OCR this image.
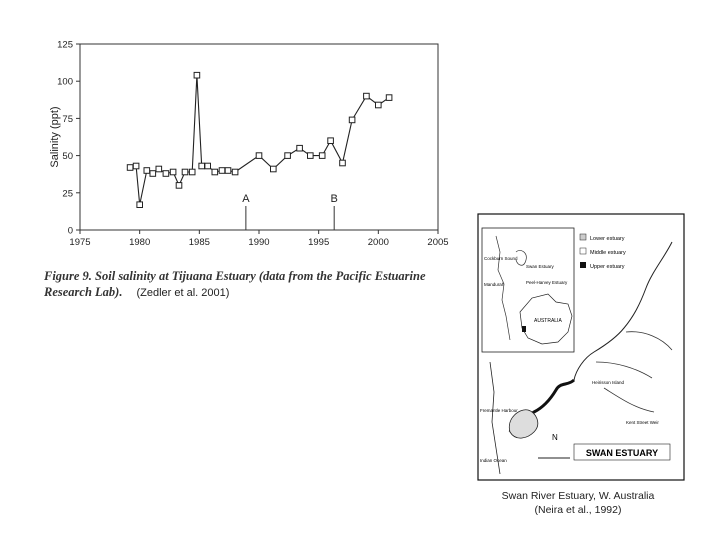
0
25
50
75
100
125
1975	1980	1985	1990	1995	2000	2005
Salinity (ppt)
A	B
Figure 9. Soil salinity at Tijuana Estuary (data from the Pacific Estuarine Research Lab). (Zedler et al. 2001)
Cockburn Sound
Swan Estuary
Mandurah	Peel-Harvey Estuary
AUSTRALIA
Lower estuary
Middle estuary
Upper estuary
Heirisson Island
Fremantle Harbour
Kent Street Weir
Indian Ocean
N
SWAN ESTUARY
Swan River Estuary, W. Australia (Neira et al., 1992)
